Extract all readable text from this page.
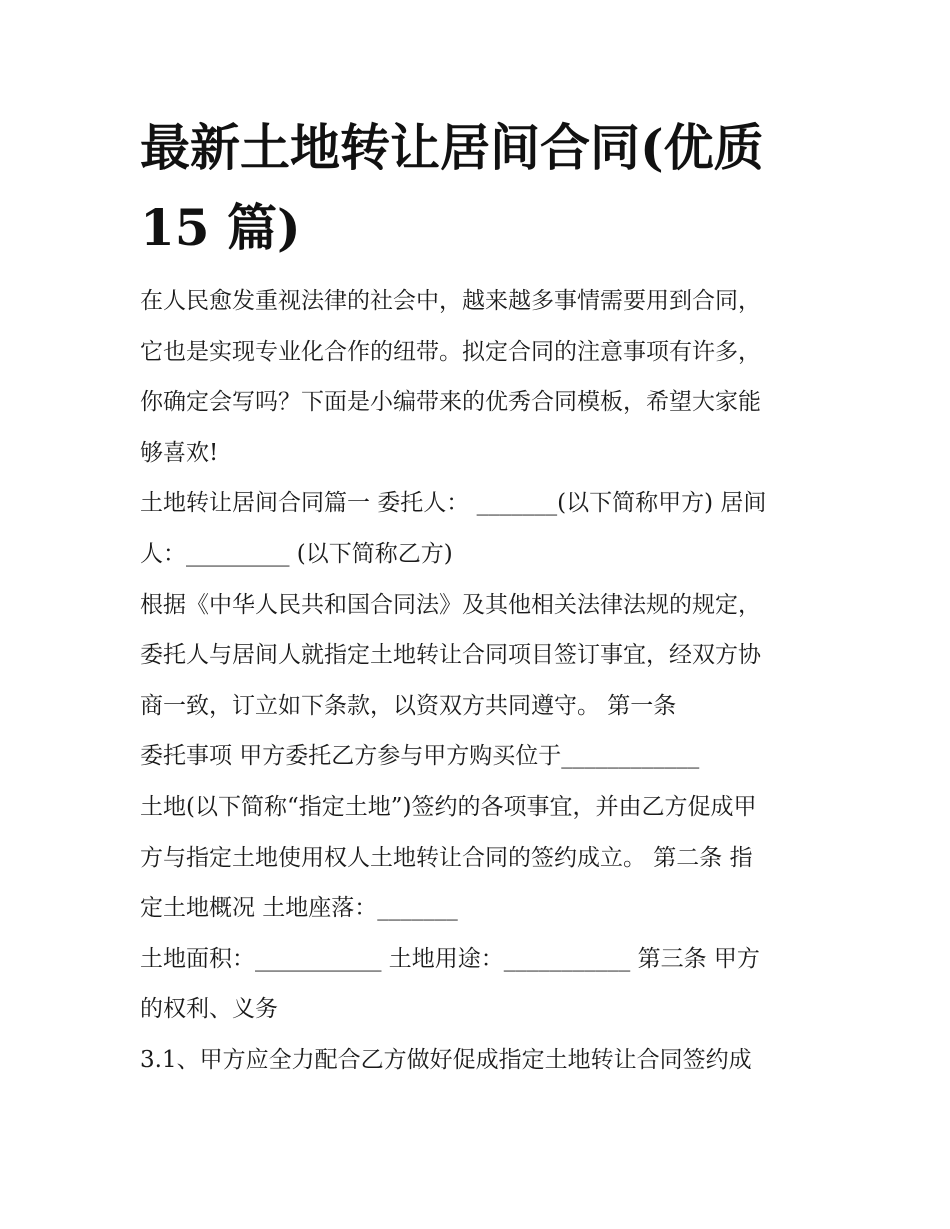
最新土地转让居间合同(优质
15 篇)

在人民愈发重视法律的社会中，越来越多事情需要用到合同，
它也是实现专业化合作的纽带。拟定合同的注意事项有许多，
你确定会写吗？下面是小编带来的优秀合同模板，希望大家能
够喜欢!

土地转让居间合同篇一 委托人： _______(以下简称甲方) 居间
人：_________ (以下简称乙方)

根据《中华人民共和国合同法》及其他相关法律法规的规定，
委托人与居间人就指定土地转让合同项目签订事宜，经双方协
商一致，订立如下条款，以资双方共同遵守。 第一条

委托事项 甲方委托乙方参与甲方购买位于____________

土地(以下简称“指定土地”)签约的各项事宜，并由乙方促成甲
方与指定土地使用权人土地转让合同的签约成立。 第二条 指
定土地概况 土地座落：_______

土地面积：___________ 土地用途：___________ 第三条 甲方
的权利、义务

3.1、甲方应全力配合乙方做好促成指定土地转让合同签约成
